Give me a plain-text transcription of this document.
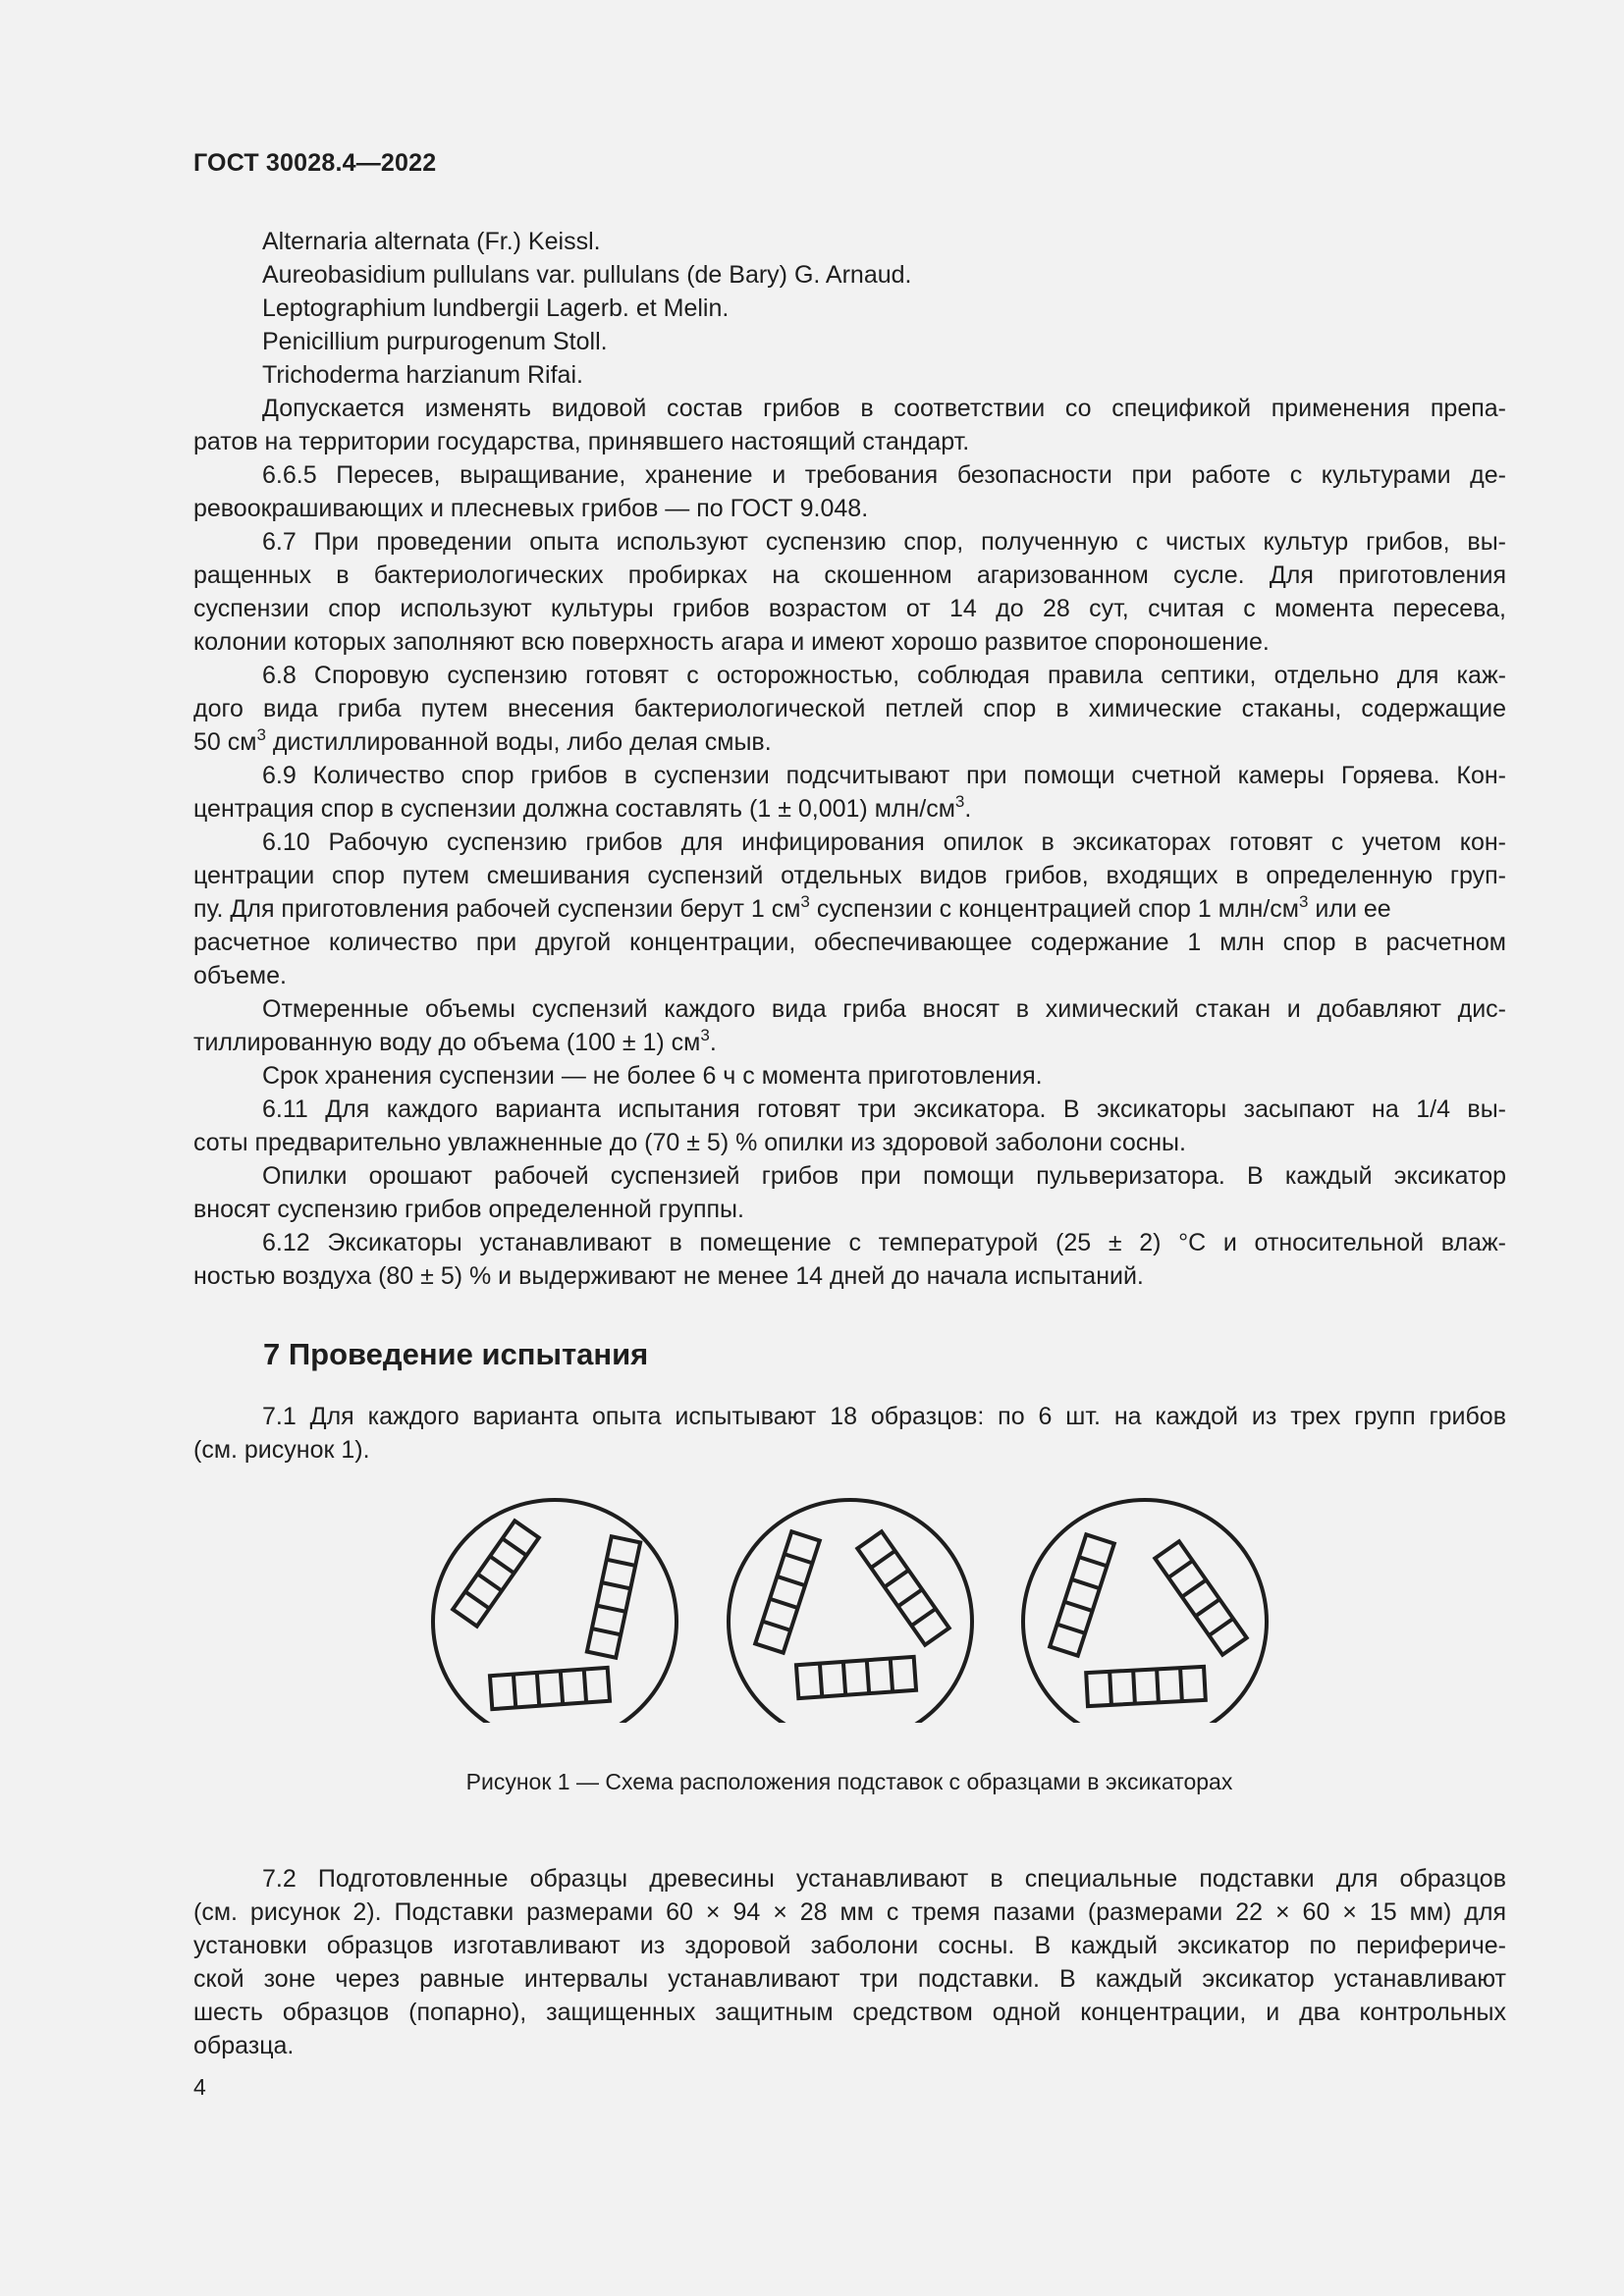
ГОСТ 30028.4—2022
Alternaria alternata (Fr.) Keissl.
Aureobasidium pullulans var. pullulans (de Bary) G. Arnaud.
Leptographium lundbergii Lagerb. et Melin.
Penicillium purpurogenum Stoll.
Trichoderma harzianum Rifai.
Допускается изменять видовой состав грибов в соответствии со спецификой применения препа-
ратов на территории государства, принявшего настоящий стандарт.
6.6.5 Пересев, выращивание, хранение и требования безопасности при работе с культурами де-
ревоокрашивающих и плесневых грибов — по ГОСТ 9.048.
6.7 При проведении опыта используют суспензию спор, полученную с чистых культур грибов, вы-
ращенных в бактериологических пробирках на скошенном агаризованном сусле. Для приготовления
суспензии спор используют культуры грибов возрастом от 14 до 28 сут, считая с момента пересева,
колонии которых заполняют всю поверхность агара и имеют хорошо развитое спороношение.
6.8 Споровую суспензию готовят с осторожностью, соблюдая правила септики, отдельно для каж-
дого вида гриба путем внесения бактериологической петлей спор в химические стаканы, содержащие
50 $см^3$ дистиллированной воды, либо делая смыв.
6.9 Количество спор грибов в суспензии подсчитывают при помощи счетной камеры Горяева. Кон-
центрация спор в суспензии должна составлять (1 ± 0,001) млн/$см^3$.
6.10 Рабочую суспензию грибов для инфицирования опилок в эксикаторах готовят с учетом кон-
центрации спор путем смешивания суспензий отдельных видов грибов, входящих в определенную груп-
пу. Для приготовления рабочей суспензии берут 1 $см^3$ суспензии с концентрацией спор 1 млн/$см^3$ или ее
расчетное количество при другой концентрации, обеспечивающее содержание 1 млн спор в расчетном
объеме.
Отмеренные объемы суспензий каждого вида гриба вносят в химический стакан и добавляют дис-
тиллированную воду до объема (100 ± 1) $см^3$.
Срок хранения суспензии — не более 6 ч с момента приготовления.
6.11 Для каждого варианта испытания готовят три эксикатора. В эксикаторы засыпают на 1/4 вы-
соты предварительно увлажненные до (70 ± 5) % опилки из здоровой заболони сосны.
Опилки орошают рабочей суспензией грибов при помощи пульверизатора. В каждый эксикатор
вносят суспензию грибов определенной группы.
6.12 Эксикаторы устанавливают в помещение с температурой (25 ± 2) °С и относительной влаж-
ностью воздуха (80 ± 5) % и выдерживают не менее 14 дней до начала испытаний.
7 Проведение испытания
7.1 Для каждого варианта опыта испытывают 18 образцов: по 6 шт. на каждой из трех групп грибов
(см. рисунок 1).
Рисунок 1 — Схема расположения подставок с образцами в эксикаторах
7.2 Подготовленные образцы древесины устанавливают в специальные подставки для образцов
(см. рисунок 2). Подставки размерами 60 × 94 × 28 мм с тремя пазами (размерами 22 × 60 × 15 мм) для
установки образцов изготавливают из здоровой заболони сосны. В каждый эксикатор по перифериче-
ской зоне через равные интервалы устанавливают три подставки. В каждый эксикатор устанавливают
шесть образцов (попарно), защищенных защитным средством одной концентрации, и два контрольных
образца.
4
